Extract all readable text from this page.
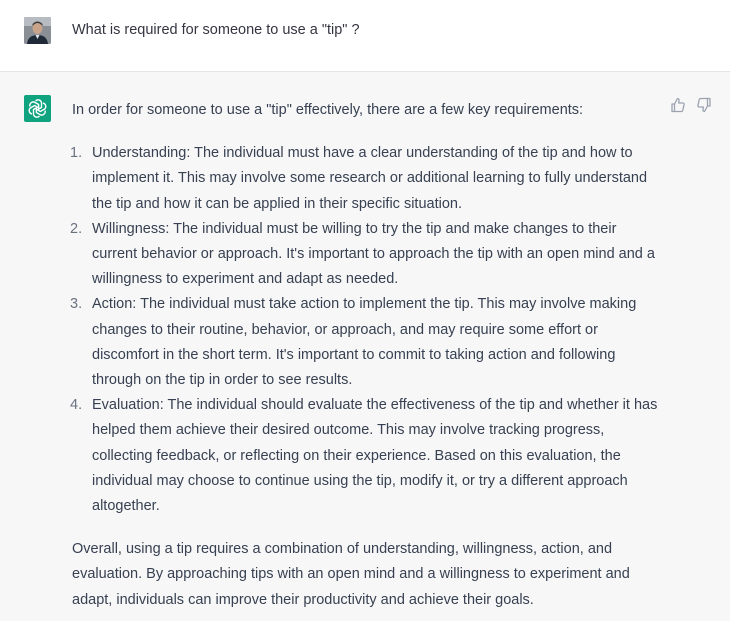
What is required for someone to use a "tip" ?

In order for someone to use a "tip" effectively, there are a few key requirements:

1. Understanding: The individual must have a clear understanding of the tip and how to implement it. This may involve some research or additional learning to fully understand the tip and how it can be applied in their specific situation.
2. Willingness: The individual must be willing to try the tip and make changes to their current behavior or approach. It's important to approach the tip with an open mind and a willingness to experiment and adapt as needed.
3. Action: The individual must take action to implement the tip. This may involve making changes to their routine, behavior, or approach, and may require some effort or discomfort in the short term. It's important to commit to taking action and following through on the tip in order to see results.
4. Evaluation: The individual should evaluate the effectiveness of the tip and whether it has helped them achieve their desired outcome. This may involve tracking progress, collecting feedback, or reflecting on their experience. Based on this evaluation, the individual may choose to continue using the tip, modify it, or try a different approach altogether.

Overall, using a tip requires a combination of understanding, willingness, action, and evaluation. By approaching tips with an open mind and a willingness to experiment and adapt, individuals can improve their productivity and achieve their goals.
